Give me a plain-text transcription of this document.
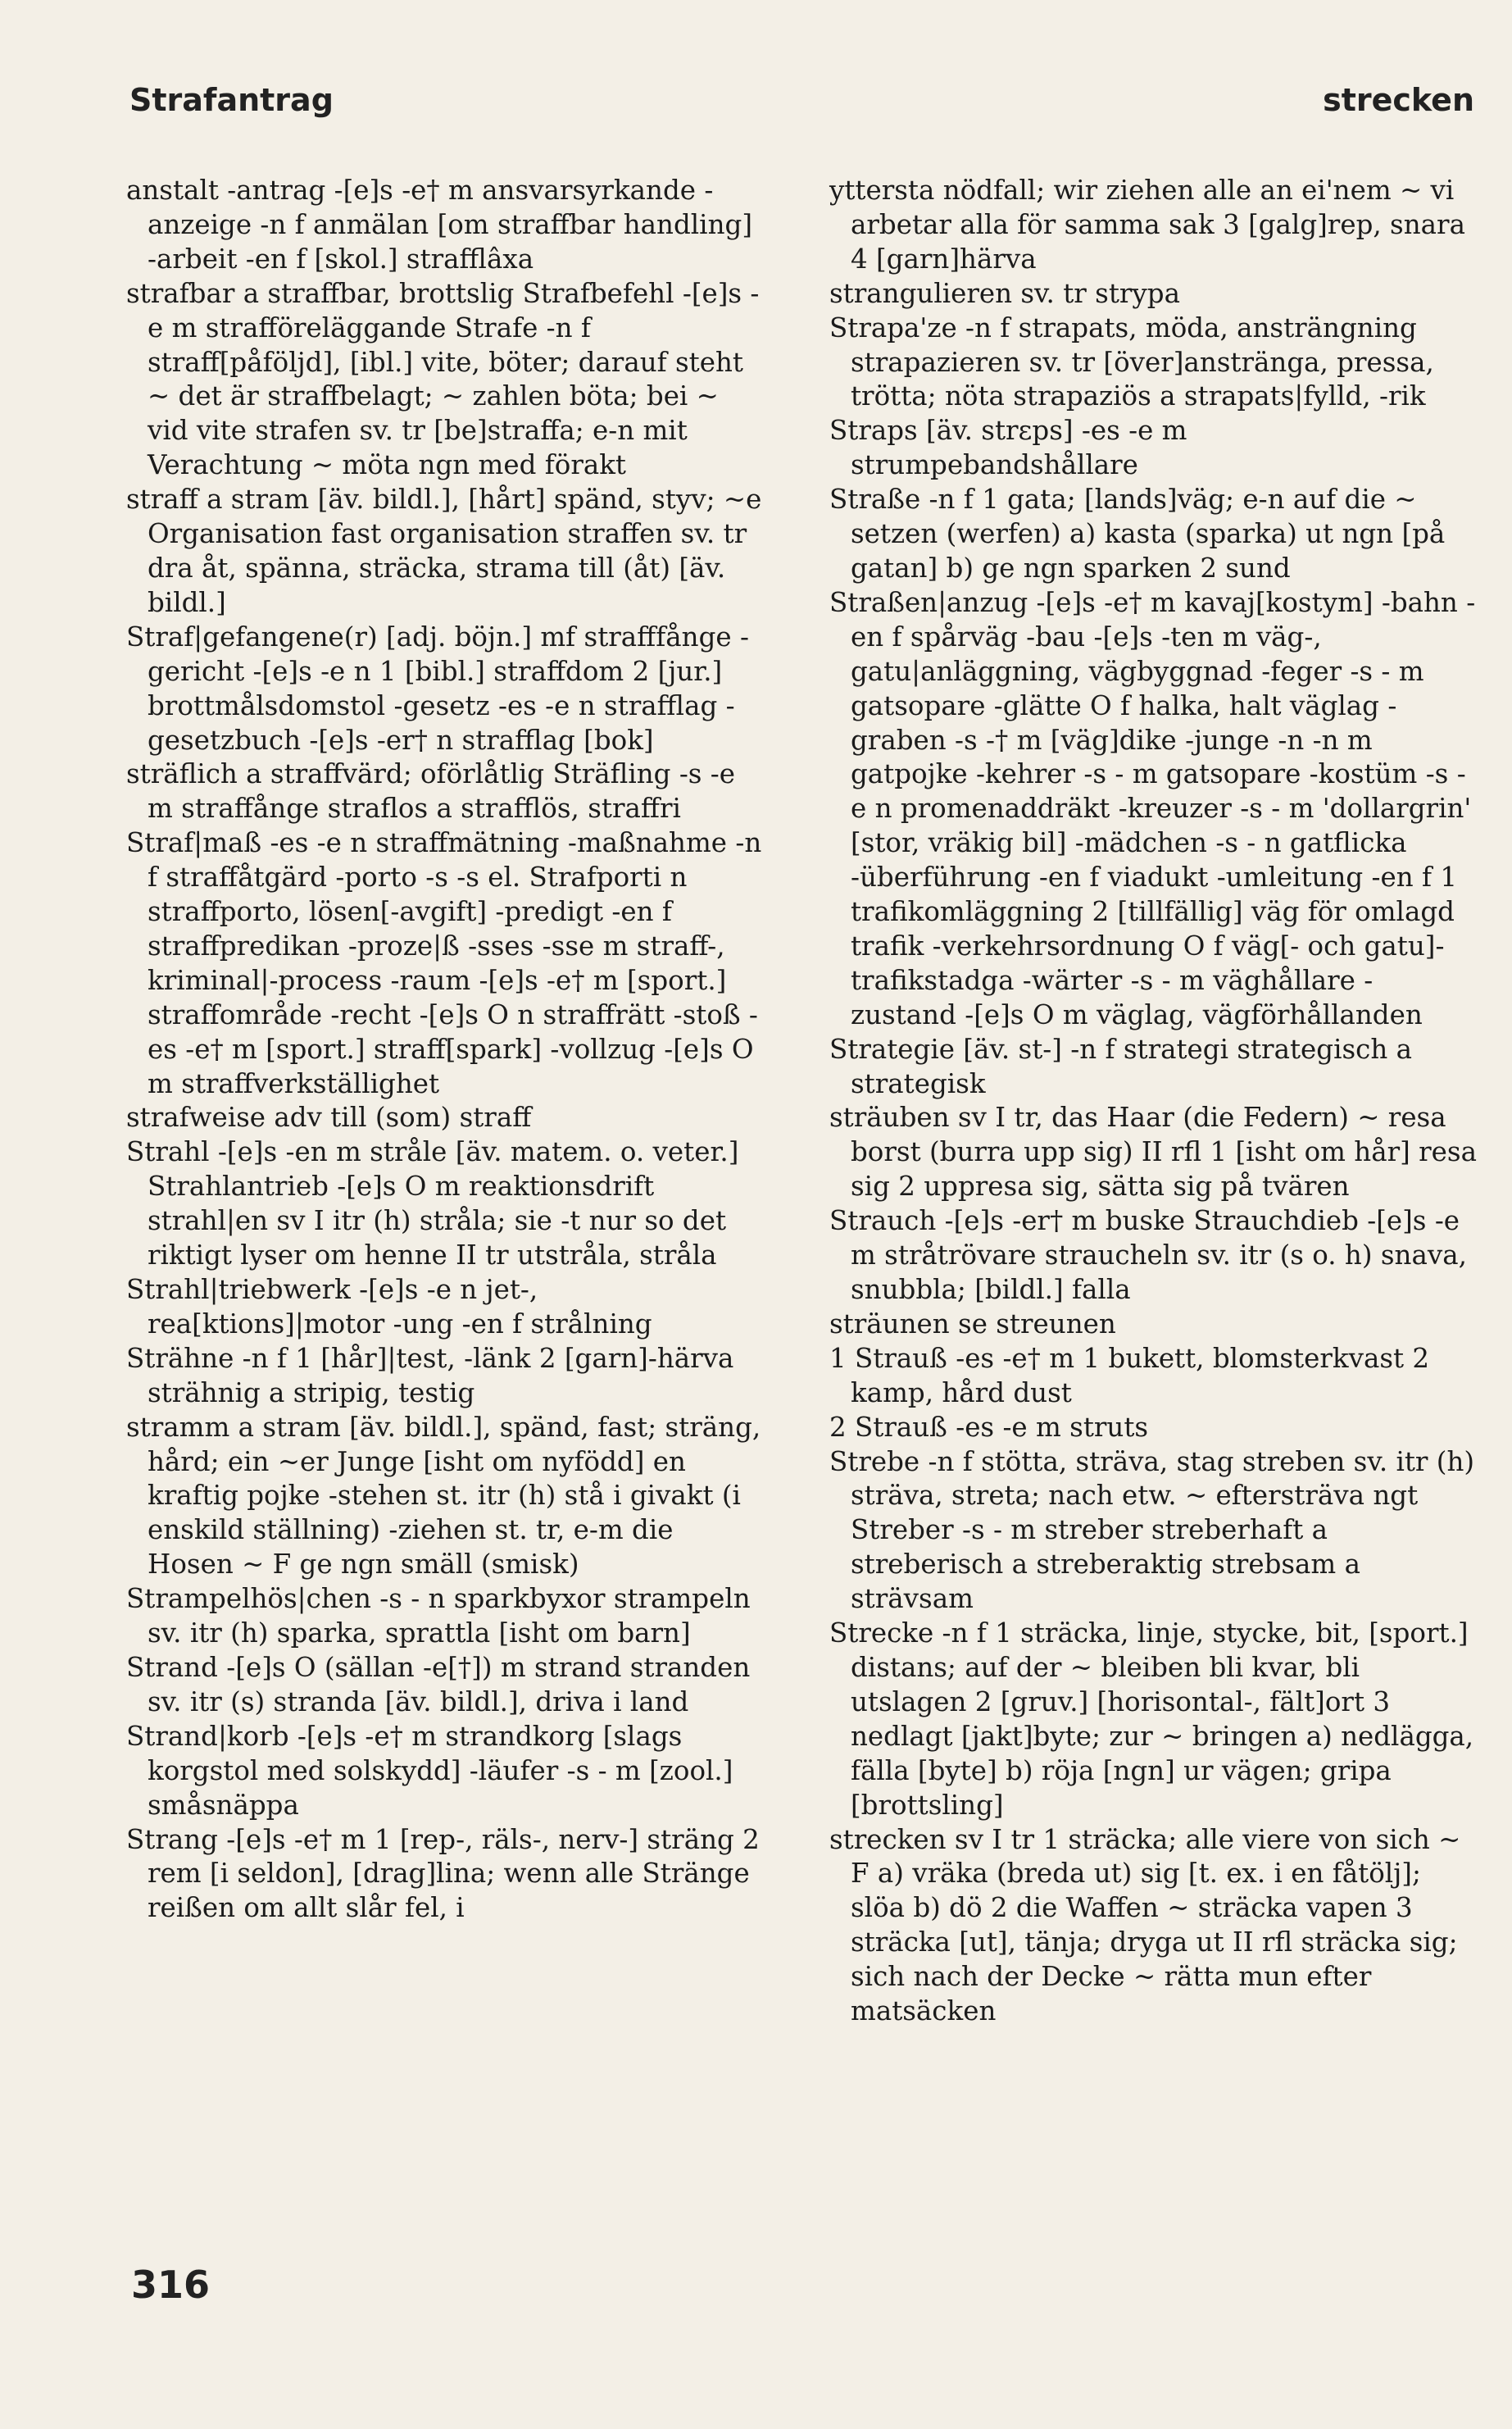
Strafantrag	strecken

anstalt -antrag -[e]s -e† m ansvarsyrkande -anzeige -n f anmälan [om straffbar handling] -arbeit -en f [skol.] strafflâxa

strafbar a straffbar, brottslig Strafbefehl -[e]s -e m strafföreläggande Strafe -n f straff[påföljd], [ibl.] vite, böter; darauf steht ~ det är straffbelagt; ~ zahlen böta; bei ~ vid vite strafen sv. tr [be]straffa; e-n mit Verachtung ~ möta ngn med förakt

straff a stram [äv. bildl.], [hårt] spänd, styv; ~e Organisation fast organisation straffen sv. tr dra åt, spänna, sträcka, strama till (åt) [äv. bildl.]

Straf|gefangene(r) [adj. böjn.] mf strafffånge -gericht -[e]s -e n 1 [bibl.] straffdom 2 [jur.] brottmålsdomstol -gesetz -es -e n strafflag -gesetzbuch -[e]s -er† n strafflag [bok]

sträflich a straffvärd; oförlåtlig Sträfling -s -e m straffånge straflos a strafflös, straffri

Straf|maß -es -e n straffmätning -maßnahme -n f straffåtgärd -porto -s -s el. Strafporti n straffporto, lösen[-avgift] -predigt -en f straffpredikan -proze|ß -sses -sse m straff-, kriminal|-process -raum -[e]s -e† m [sport.] straffområde -recht -[e]s O n straffrätt -stoß -es -e† m [sport.] straff[spark] -vollzug -[e]s O m straffverkställighet

strafweise adv till (som) straff

Strahl -[e]s -en m stråle [äv. matem. o. veter.] Strahlantrieb -[e]s O m reaktionsdrift strahl|en sv I itr (h) stråla; sie -t nur so det riktigt lyser om henne II tr utstråla, stråla

Strahl|triebwerk -[e]s -e n jet-, rea[ktions]|motor -ung -en f strålning

Strähne -n f 1 [hår]|test, -länk 2 [garn]-härva strähnig a stripig, testig

stramm a stram [äv. bildl.], spänd, fast; sträng, hård; ein ~er Junge [isht om nyfödd] en kraftig pojke -stehen st. itr (h) stå i givakt (i enskild ställning) -ziehen st. tr, e-m die Hosen ~ F ge ngn smäll (smisk)

Strampelhös|chen -s - n sparkbyxor strampeln sv. itr (h) sparka, sprattla [isht om barn]

Strand -[e]s O (sällan -e[†]) m strand stranden sv. itr (s) stranda [äv. bildl.], driva i land

Strand|korb -[e]s -e† m strandkorg [slags korgstol med solskydd] -läufer -s - m [zool.] småsnäppa

Strang -[e]s -e† m 1 [rep-, räls-, nerv-] sträng 2 rem [i seldon], [drag]lina; wenn alle Stränge reißen om allt slår fel, i

yttersta nödfall; wir ziehen alle an ei'nem ~ vi arbetar alla för samma sak 3 [galg]rep, snara 4 [garn]härva

strangulieren sv. tr strypa

Strapa'ze -n f strapats, möda, ansträngning strapazieren sv. tr [över]anstränga, pressa, trötta; nöta strapaziös a strapats|fylld, -rik

Straps [äv. strɛps] -es -e m strumpebandshållare

Straße -n f 1 gata; [lands]väg; e-n auf die ~ setzen (werfen) a) kasta (sparka) ut ngn [på gatan] b) ge ngn sparken 2 sund

Straßen|anzug -[e]s -e† m kavaj[kostym] -bahn -en f spårväg -bau -[e]s -ten m väg-, gatu|anläggning, vägbyggnad -feger -s - m gatsopare -glätte O f halka, halt väglag -graben -s -† m [väg]dike -junge -n -n m gatpojke -kehrer -s - m gatsopare -kostüm -s -e n promenaddräkt -kreuzer -s - m 'dollargrin' [stor, vräkig bil] -mädchen -s - n gatflicka -überführung -en f viadukt -umleitung -en f 1 trafikomläggning 2 [tillfällig] väg för omlagd trafik -verkehrsordnung O f väg[- och gatu]-trafikstadga -wärter -s - m väghållare -zustand -[e]s O m väglag, vägförhållanden

Strategie [äv. st-] -n f strategi strategisch a strategisk

sträuben sv I tr, das Haar (die Federn) ~ resa borst (burra upp sig) II rfl 1 [isht om hår] resa sig 2 uppresa sig, sätta sig på tvären

Strauch -[e]s -er† m buske Strauchdieb -[e]s -e m stråtrövare straucheln sv. itr (s o. h) snava, snubbla; [bildl.] falla

sträunen se streunen

1 Strauß -es -e† m 1 bukett, blomsterkvast 2 kamp, hård dust

2 Strauß -es -e m struts

Strebe -n f stötta, sträva, stag streben sv. itr (h) sträva, streta; nach etw. ~ eftersträva ngt Streber -s - m streber streberhaft a streberisch a streberaktig strebsam a strävsam

Strecke -n f 1 sträcka, linje, stycke, bit, [sport.] distans; auf der ~ bleiben bli kvar, bli utslagen 2 [gruv.] [horisontal-, fält]ort 3 nedlagt [jakt]byte; zur ~ bringen a) nedlägga, fälla [byte] b) röja [ngn] ur vägen; gripa [brottsling]

strecken sv I tr 1 sträcka; alle viere von sich ~ F a) vräka (breda ut) sig [t. ex. i en fåtölj]; slöa b) dö 2 die Waffen ~ sträcka vapen 3 sträcka [ut], tänja; dryga ut II rfl sträcka sig; sich nach der Decke ~ rätta mun efter matsäcken

316
